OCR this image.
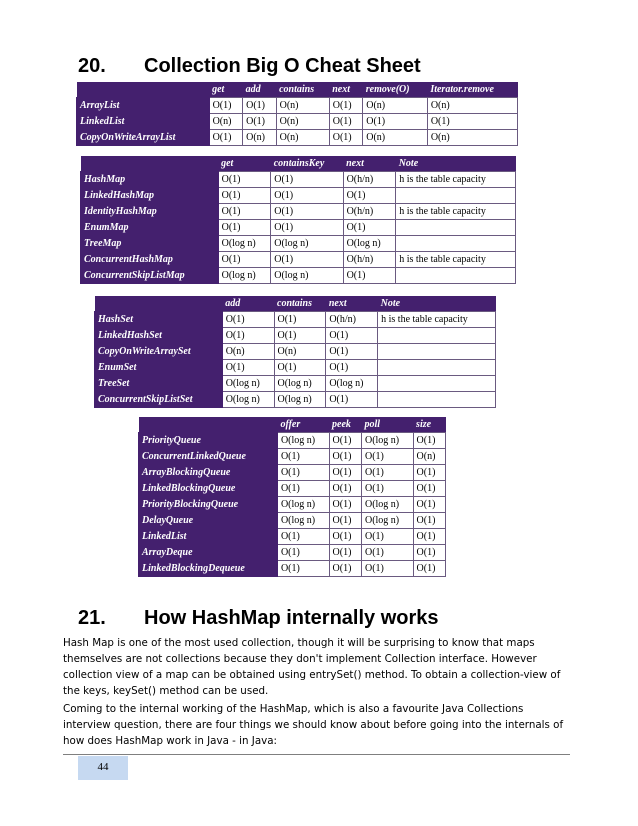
20. Collection Big O Cheat Sheet
	get	add	contains	next	remove(O)	Iterator.remove
ArrayList	O(1)	O(1)	O(n)	O(1)	O(n)	O(n)
LinkedList	O(n)	O(1)	O(n)	O(1)	O(1)	O(1)
CopyOnWriteArrayList	O(1)	O(n)	O(n)	O(1)	O(n)	O(n)
	get	containsKey	next	Note
HashMap	O(1)	O(1)	O(h/n)	h is the table capacity
LinkedHashMap	O(1)	O(1)	O(1)	
IdentityHashMap	O(1)	O(1)	O(h/n)	h is the table capacity
EnumMap	O(1)	O(1)	O(1)	
TreeMap	O(log n)	O(log n)	O(log n)	
ConcurrentHashMap	O(1)	O(1)	O(h/n)	h is the table capacity
ConcurrentSkipListMap	O(log n)	O(log n)	O(1)	
	add	contains	next	Note
HashSet	O(1)	O(1)	O(h/n)	h is the table capacity
LinkedHashSet	O(1)	O(1)	O(1)	
CopyOnWriteArraySet	O(n)	O(n)	O(1)	
EnumSet	O(1)	O(1)	O(1)	
TreeSet	O(log n)	O(log n)	O(log n)	
ConcurrentSkipListSet	O(log n)	O(log n)	O(1)	
	offer	peek	poll	size
PriorityQueue	O(log n)	O(1)	O(log n)	O(1)
ConcurrentLinkedQueue	O(1)	O(1)	O(1)	O(n)
ArrayBlockingQueue	O(1)	O(1)	O(1)	O(1)
LinkedBlockingQueue	O(1)	O(1)	O(1)	O(1)
PriorityBlockingQueue	O(log n)	O(1)	O(log n)	O(1)
DelayQueue	O(log n)	O(1)	O(log n)	O(1)
LinkedList	O(1)	O(1)	O(1)	O(1)
ArrayDeque	O(1)	O(1)	O(1)	O(1)
LinkedBlockingDequeue	O(1)	O(1)	O(1)	O(1)
21. How HashMap internally works
Hash Map is one of the most used collection, though it will be surprising to know that maps themselves are not collections because they don't implement Collection interface. However collection view of a map can be obtained using entrySet() method. To obtain a collection-view of the keys, keySet() method can be used.
Coming to the internal working of the HashMap, which is also a favourite Java Collections interview question, there are four things we should know about before going into the internals of how does HashMap work in Java - in Java:
44
